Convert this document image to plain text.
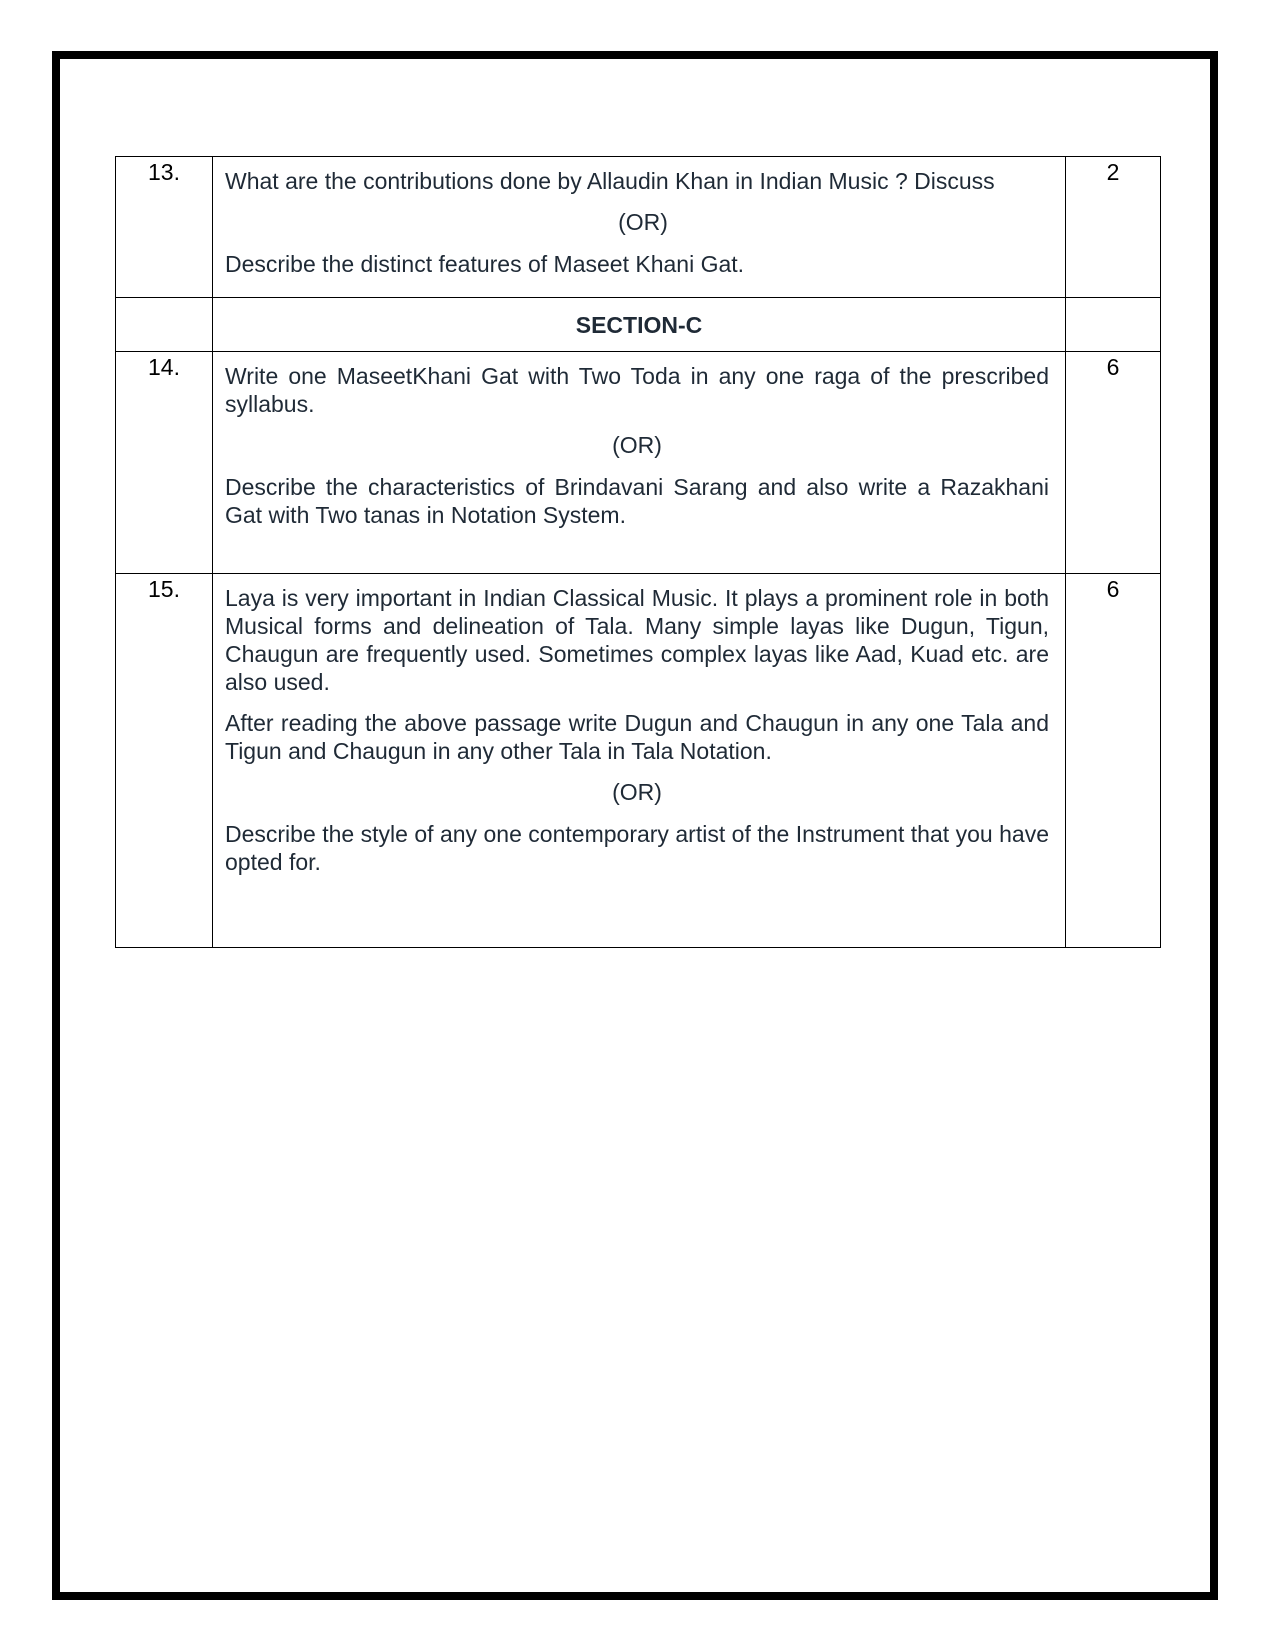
13.	What are the contributions done by Allaudin Khan in Indian Music ? Discuss

(OR)

Describe the distinct features of Maseet Khani Gat.	2

	SECTION-C	

14.	Write one MaseetKhani Gat with Two Toda in any one raga of the prescribed syllabus.

(OR)

Describe the characteristics of Brindavani Sarang and also write a Razakhani Gat with Two tanas in Notation System.	6

15.	Laya is very important in Indian Classical Music. It plays a prominent role in both Musical forms and delineation of Tala. Many simple layas like Dugun, Tigun, Chaugun are frequently used. Sometimes complex layas like Aad, Kuad etc. are also used.

After reading the above passage write Dugun and Chaugun in any one Tala and Tigun and Chaugun in any other Tala in Tala Notation.

(OR)

Describe the style of any one contemporary artist of the Instrument that you have opted for.	6
